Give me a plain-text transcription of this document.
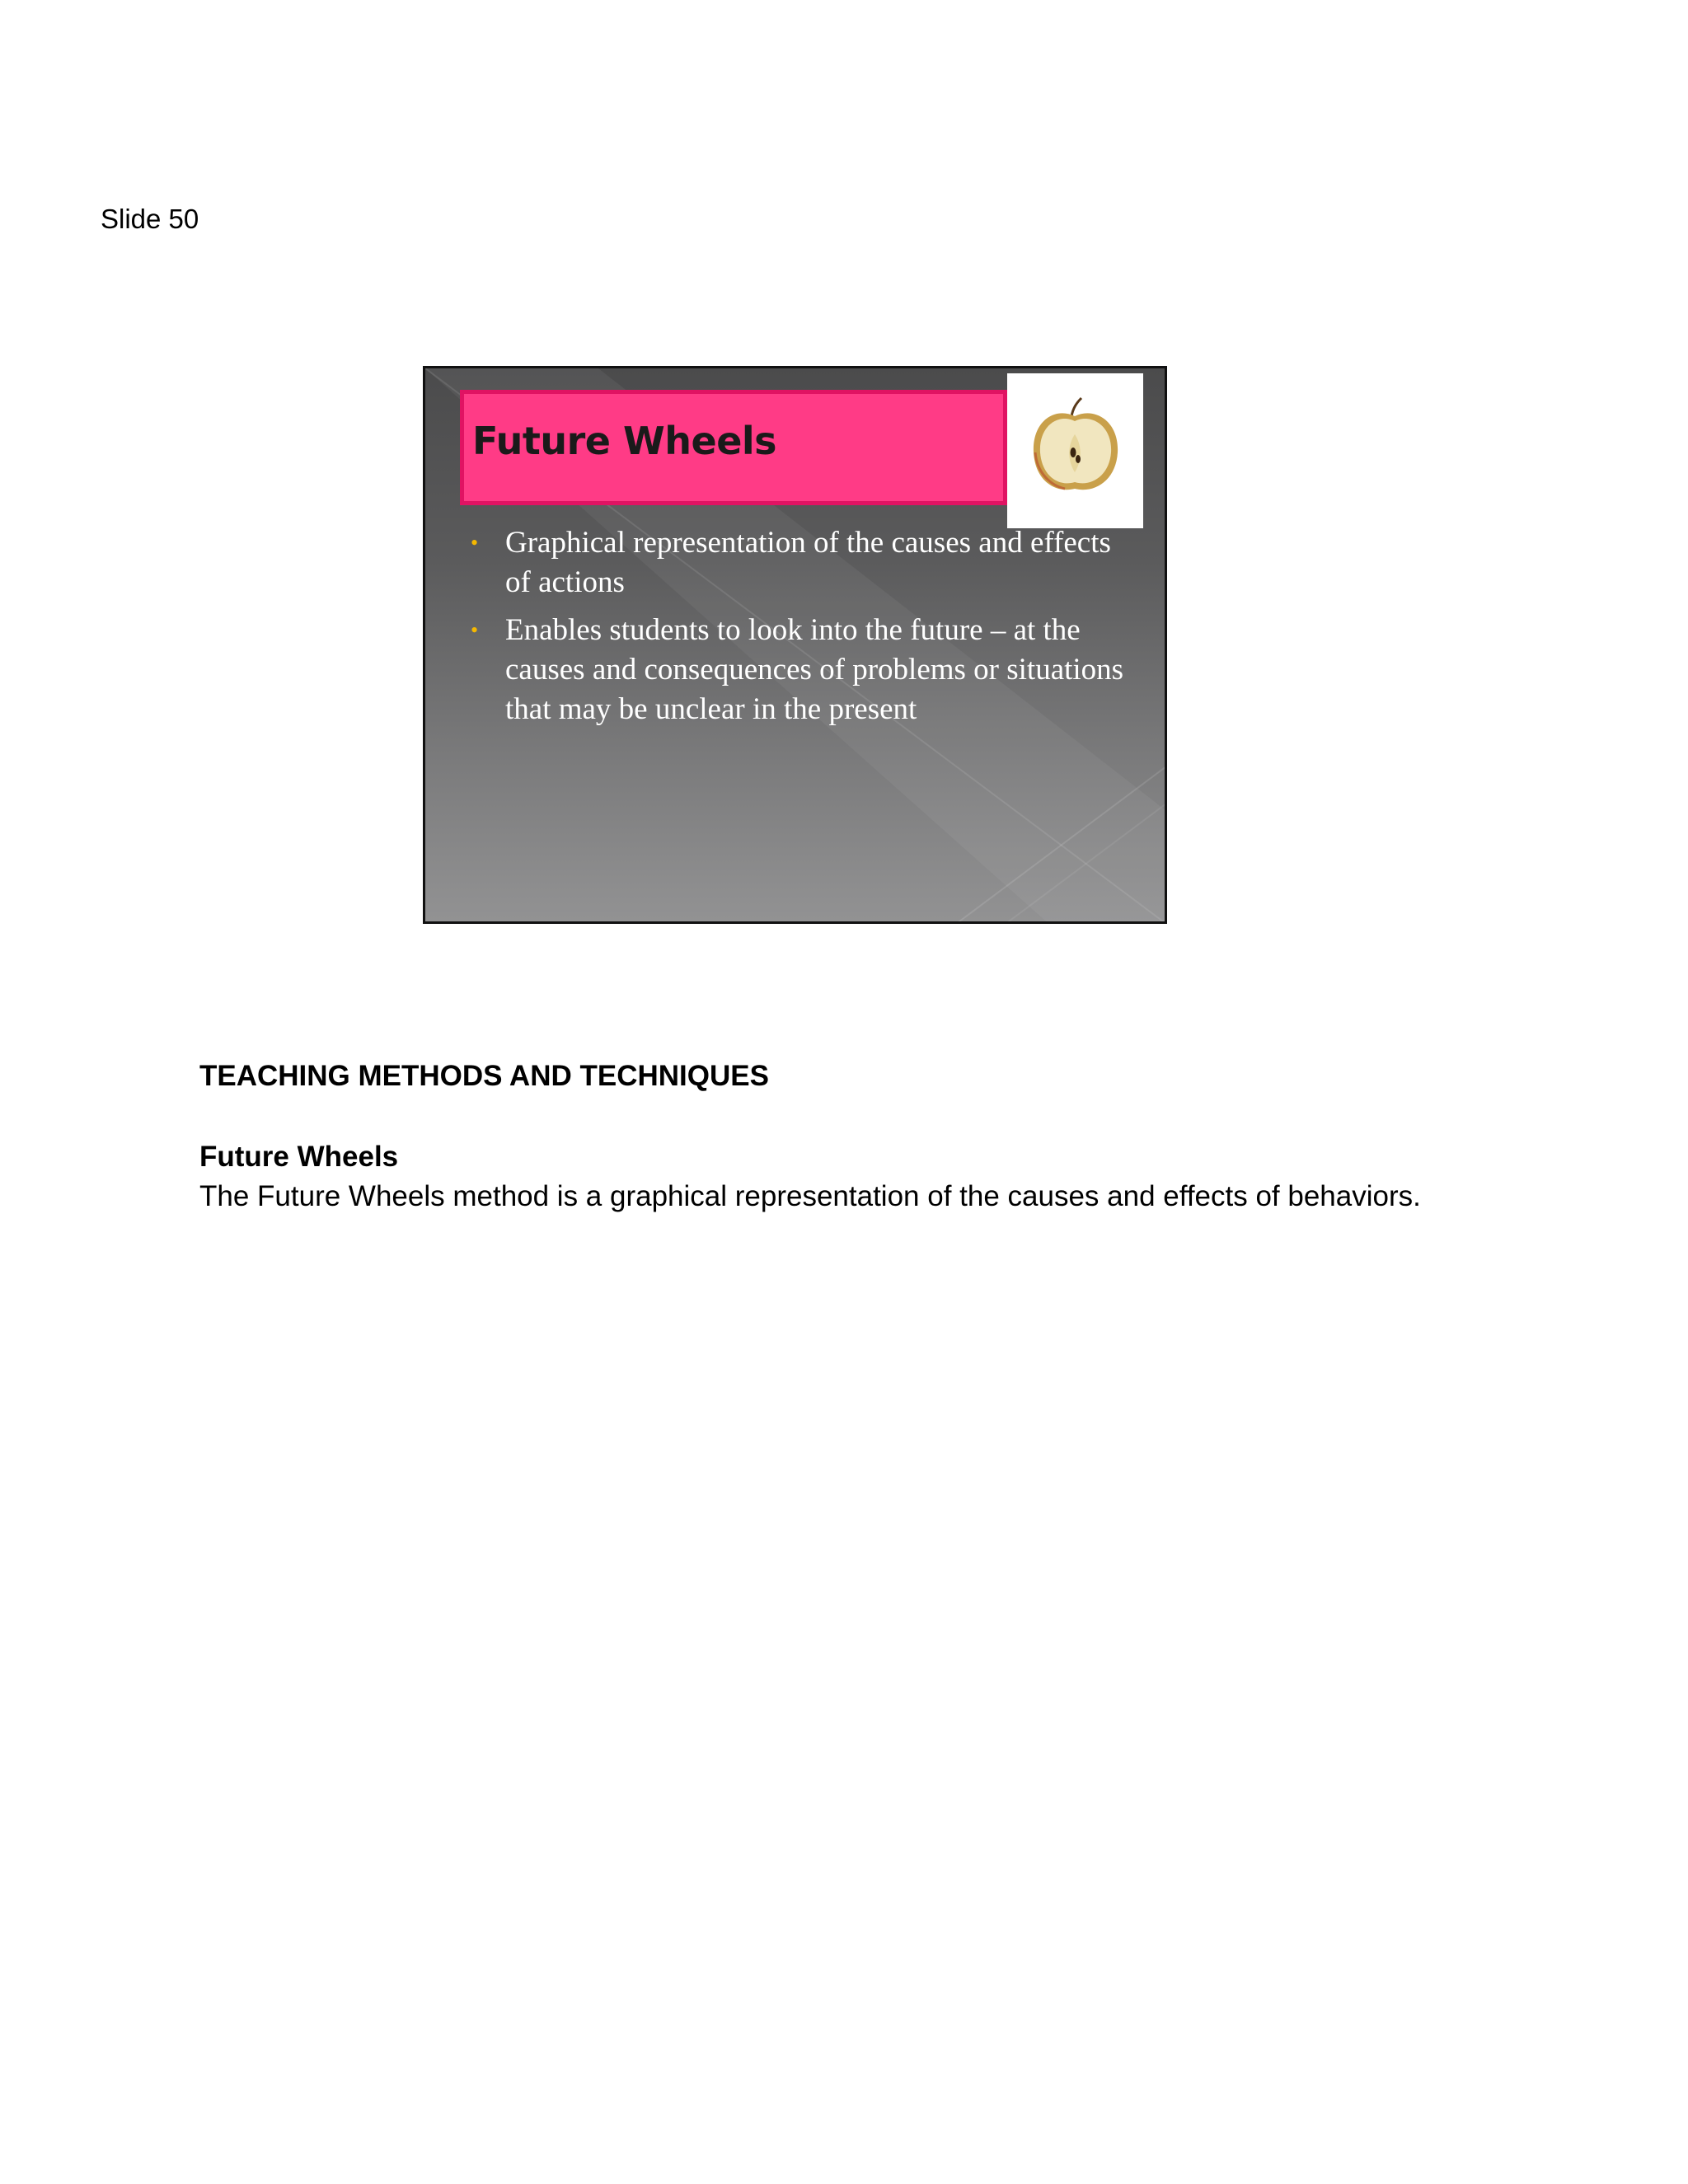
Slide 50
Future Wheels
• Graphical representation of the causes and effects of actions
• Enables students to look into the future – at the causes and consequences of problems or situations that may be unclear in the present
TEACHING METHODS AND TECHNIQUES
Future Wheels
The Future Wheels method is a graphical representation of the causes and effects of behaviors.
